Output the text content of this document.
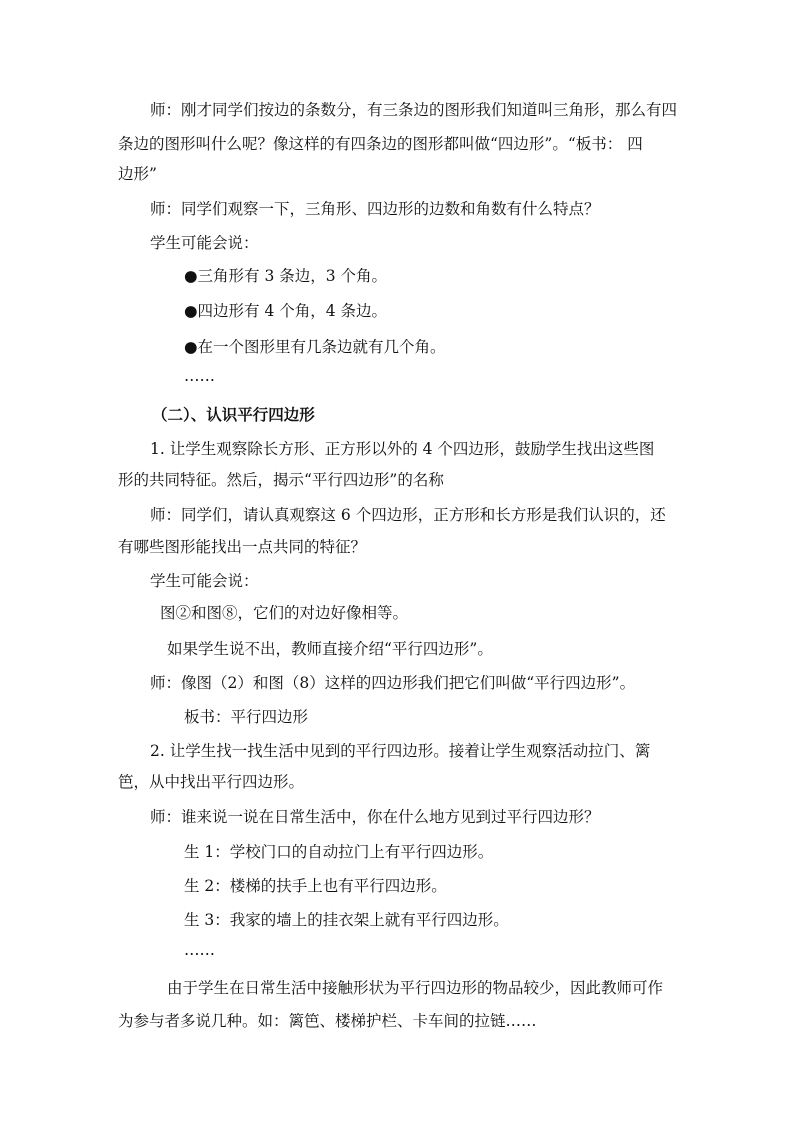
师：刚才同学们按边的条数分，有三条边的图形我们知道叫三角形，那么有四
条边的图形叫什么呢？像这样的有四条边的图形都叫做“四边形”。“板书： 四
边形”
师：同学们观察一下，三角形、四边形的边数和角数有什么特点？
学生可能会说：
●三角形有 3 条边，3 个角。
●四边形有 4 个角，4 条边。
●在一个图形里有几条边就有几个角。
……
（二）、认识平行四边形
1. 让学生观察除长方形、正方形以外的 4 个四边形，鼓励学生找出这些图
形的共同特征。然后，揭示“平行四边形”的名称
师：同学们，请认真观察这 6 个四边形，正方形和长方形是我们认识的，还
有哪些图形能找出一点共同的特征？
学生可能会说：
图②和图⑧，它们的对边好像相等。
如果学生说不出，教师直接介绍“平行四边形”。
师：像图（2）和图（8）这样的四边形我们把它们叫做“平行四边形”。
板书：平行四边形
2. 让学生找一找生活中见到的平行四边形。接着让学生观察活动拉门、篱
笆，从中找出平行四边形。
师：谁来说一说在日常生活中，你在什么地方见到过平行四边形？
生 1：学校门口的自动拉门上有平行四边形。
生 2：楼梯的扶手上也有平行四边形。
生 3：我家的墙上的挂衣架上就有平行四边形。
……
由于学生在日常生活中接触形状为平行四边形的物品较少，因此教师可作
为参与者多说几种。如：篱笆、楼梯护栏、卡车间的拉链……
